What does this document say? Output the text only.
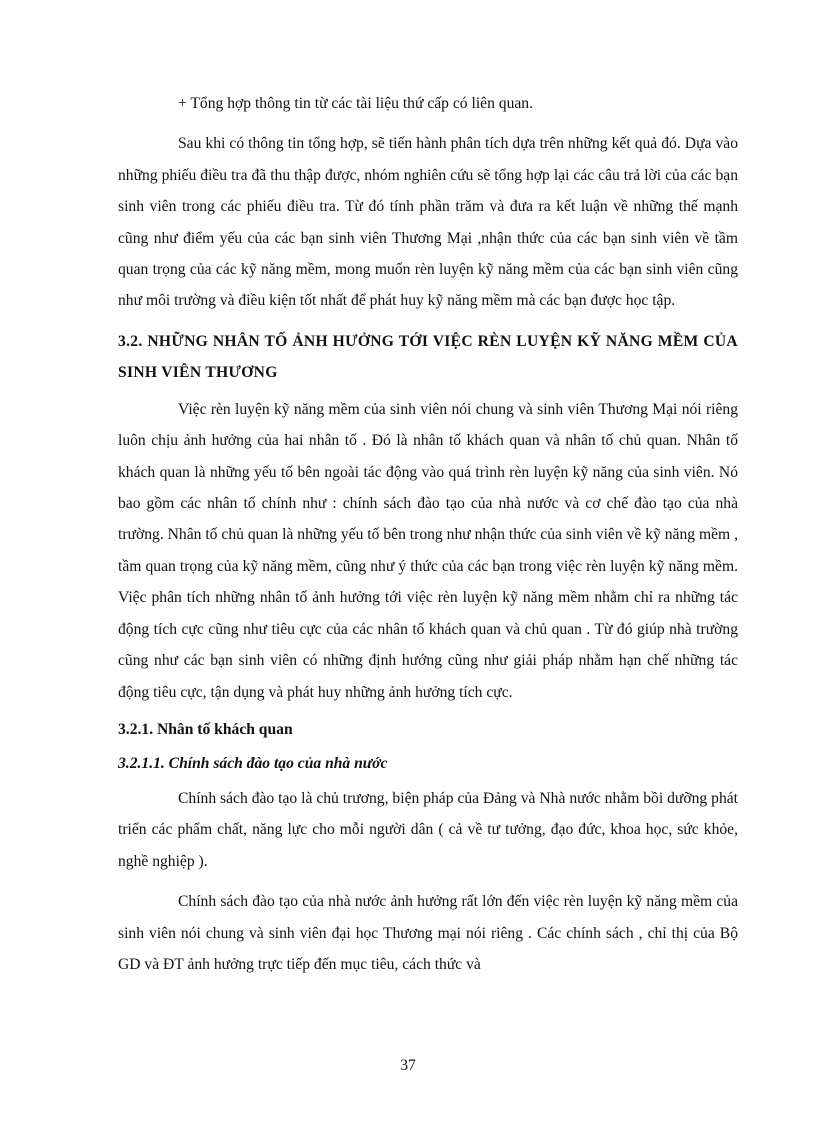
+ Tổng hợp thông tin từ các tài liệu thứ cấp có liên quan.

Sau khi có thông tin tổng hợp, sẽ tiến hành phân tích dựa trên những kết quả đó. Dựa vào những phiếu điều tra đã thu thập được, nhóm nghiên cứu sẽ tổng hợp lại các câu trả lời của các bạn sinh viên trong các phiếu điều tra. Từ đó tính phần trăm và đưa ra kết luận về những thế mạnh cũng như điểm yếu của các bạn sinh viên Thương Mại ,nhận thức của các bạn sinh viên về tầm quan trọng của các kỹ năng mềm, mong muốn rèn luyện kỹ năng mềm của các bạn sinh viên cũng như môi trường và điều kiện tốt nhất để phát huy kỹ năng mềm mà các bạn được học tập.

3.2. NHỮNG NHÂN TỐ ẢNH HƯỞNG TỚI VIỆC RÈN LUYỆN KỸ NĂNG MỀM CỦA SINH VIÊN THƯƠNG

Việc rèn luyện kỹ năng mềm của sinh viên nói chung và sinh viên Thương Mại nói riêng luôn chịu ảnh hưởng của hai nhân tố . Đó là nhân tố khách quan và nhân tố chủ quan. Nhân tố khách quan là những yếu tố bên ngoài tác động vào quá trình rèn luyện kỹ năng của sinh viên. Nó bao gồm các nhân tố chính như : chính sách đào tạo của nhà nước và cơ chế đào tạo của nhà trường. Nhân tố chủ quan là những yếu tố bên trong như nhận thức của sinh viên về kỹ năng mềm , tầm quan trọng của kỹ năng mềm, cũng như ý thức của các bạn trong việc rèn luyện kỹ năng mềm. Việc phân tích những nhân tố ảnh hưởng tới việc rèn luyện kỹ năng mềm nhằm chỉ ra những tác động tích cực cũng như tiêu cực của các nhân tố khách quan và chủ quan . Từ đó giúp nhà trường cũng như các bạn sinh viên có những định hướng cũng như giải pháp nhằm hạn chế những tác động tiêu cực, tận dụng và phát huy những ảnh hưởng tích cực.

3.2.1. Nhân tố khách quan
3.2.1.1. Chính sách đào tạo của nhà nước

Chính sách đào tạo là chủ trương, biện pháp của Đảng và Nhà nước nhằm bồi dưỡng phát triển các phẩm chất, năng lực cho mỗi người dân ( cả về tư tưởng, đạo đức, khoa học, sức khỏe, nghề nghiệp ).

Chính sách đào tạo của nhà nước ảnh hưởng rất lớn đến việc rèn luyện kỹ năng mềm của sinh viên nói chung và sinh viên đại học Thương mại nói riêng . Các chính sách , chỉ thị của Bộ GD và ĐT ảnh hưởng trực tiếp đến mục tiêu, cách thức và

37
